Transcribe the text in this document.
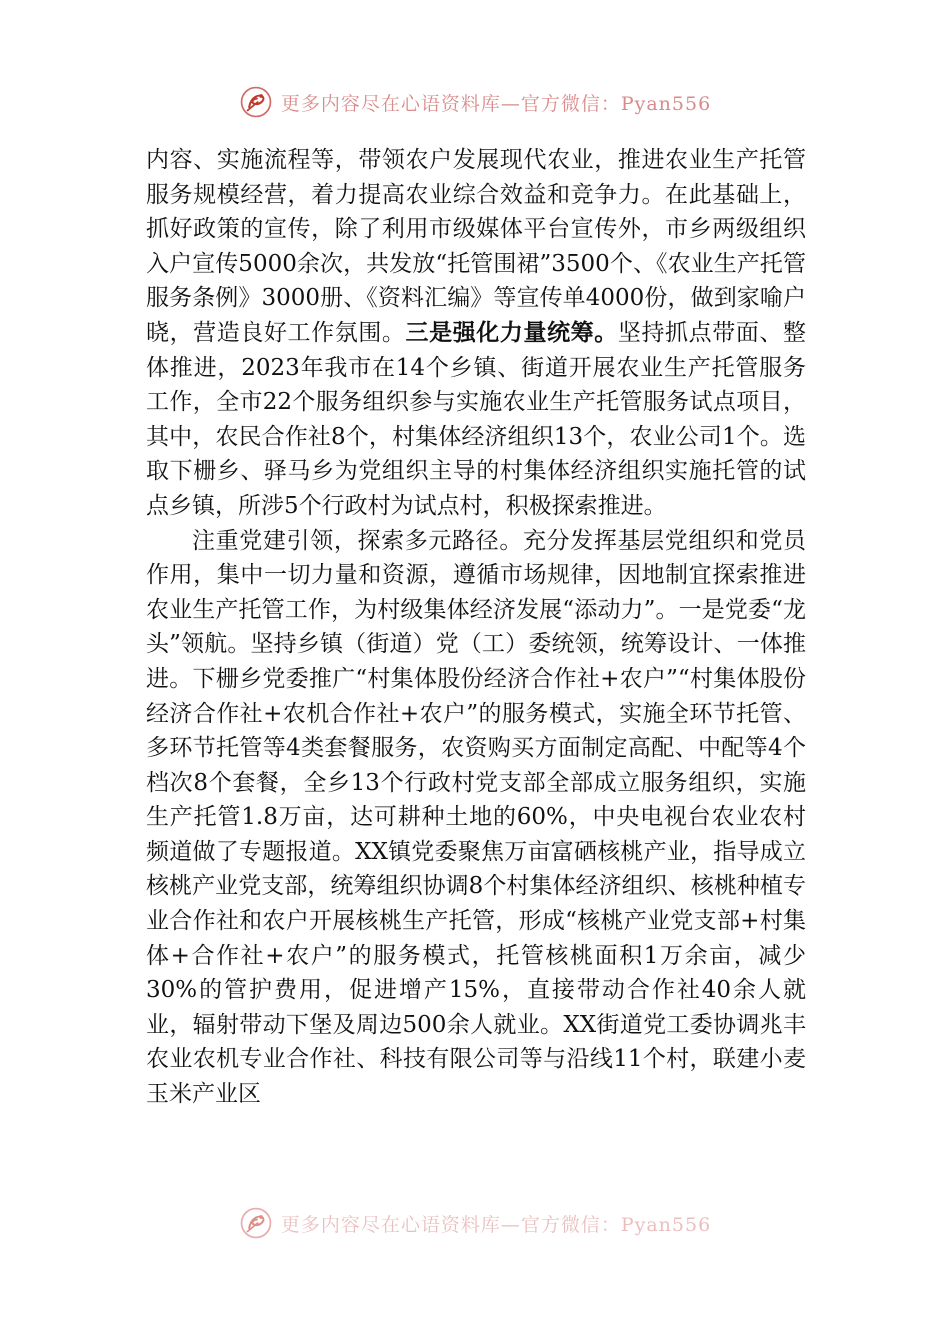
更多内容尽在心语资料库—官方微信：Pyan556

内容、实施流程等，带领农户发展现代农业，推进农业生产托管服务规模经营，着力提高农业综合效益和竞争力。在此基础上，抓好政策的宣传，除了利用市级媒体平台宣传外，市乡两级组织入户宣传5000余次，共发放“托管围裙”3500个、《农业生产托管服务条例》3000册、《资料汇编》等宣传单4000份，做到家喻户晓，营造良好工作氛围。三是强化力量统筹。坚持抓点带面、整体推进，2023年我市在14个乡镇、街道开展农业生产托管服务工作，全市22个服务组织参与实施农业生产托管服务试点项目，其中，农民合作社8个，村集体经济组织13个，农业公司1个。选取下栅乡、驿马乡为党组织主导的村集体经济组织实施托管的试点乡镇，所涉5个行政村为试点村，积极探索推进。

注重党建引领，探索多元路径。充分发挥基层党组织和党员作用，集中一切力量和资源，遵循市场规律，因地制宜探索推进农业生产托管工作，为村级集体经济发展“添动力”。一是党委“龙头”领航。坚持乡镇（街道）党（工）委统领，统筹设计、一体推进。下栅乡党委推广“村集体股份经济合作社+农户”“村集体股份经济合作社+农机合作社+农户”的服务模式，实施全环节托管、多环节托管等4类套餐服务，农资购买方面制定高配、中配等4个档次8个套餐，全乡13个行政村党支部全部成立服务组织，实施生产托管1.8万亩，达可耕种土地的60%，中央电视台农业农村频道做了专题报道。XX镇党委聚焦万亩富硒核桃产业，指导成立核桃产业党支部，统筹组织协调8个村集体经济组织、核桃种植专业合作社和农户开展核桃生产托管，形成“核桃产业党支部+村集体+合作社+农户”的服务模式，托管核桃面积1万余亩，减少30%的管护费用，促进增产15%，直接带动合作社40余人就业，辐射带动下堡及周边500余人就业。XX街道党工委协调兆丰农业农机专业合作社、科技有限公司等与沿线11个村，联建小麦玉米产业区

更多内容尽在心语资料库—官方微信：Pyan556
